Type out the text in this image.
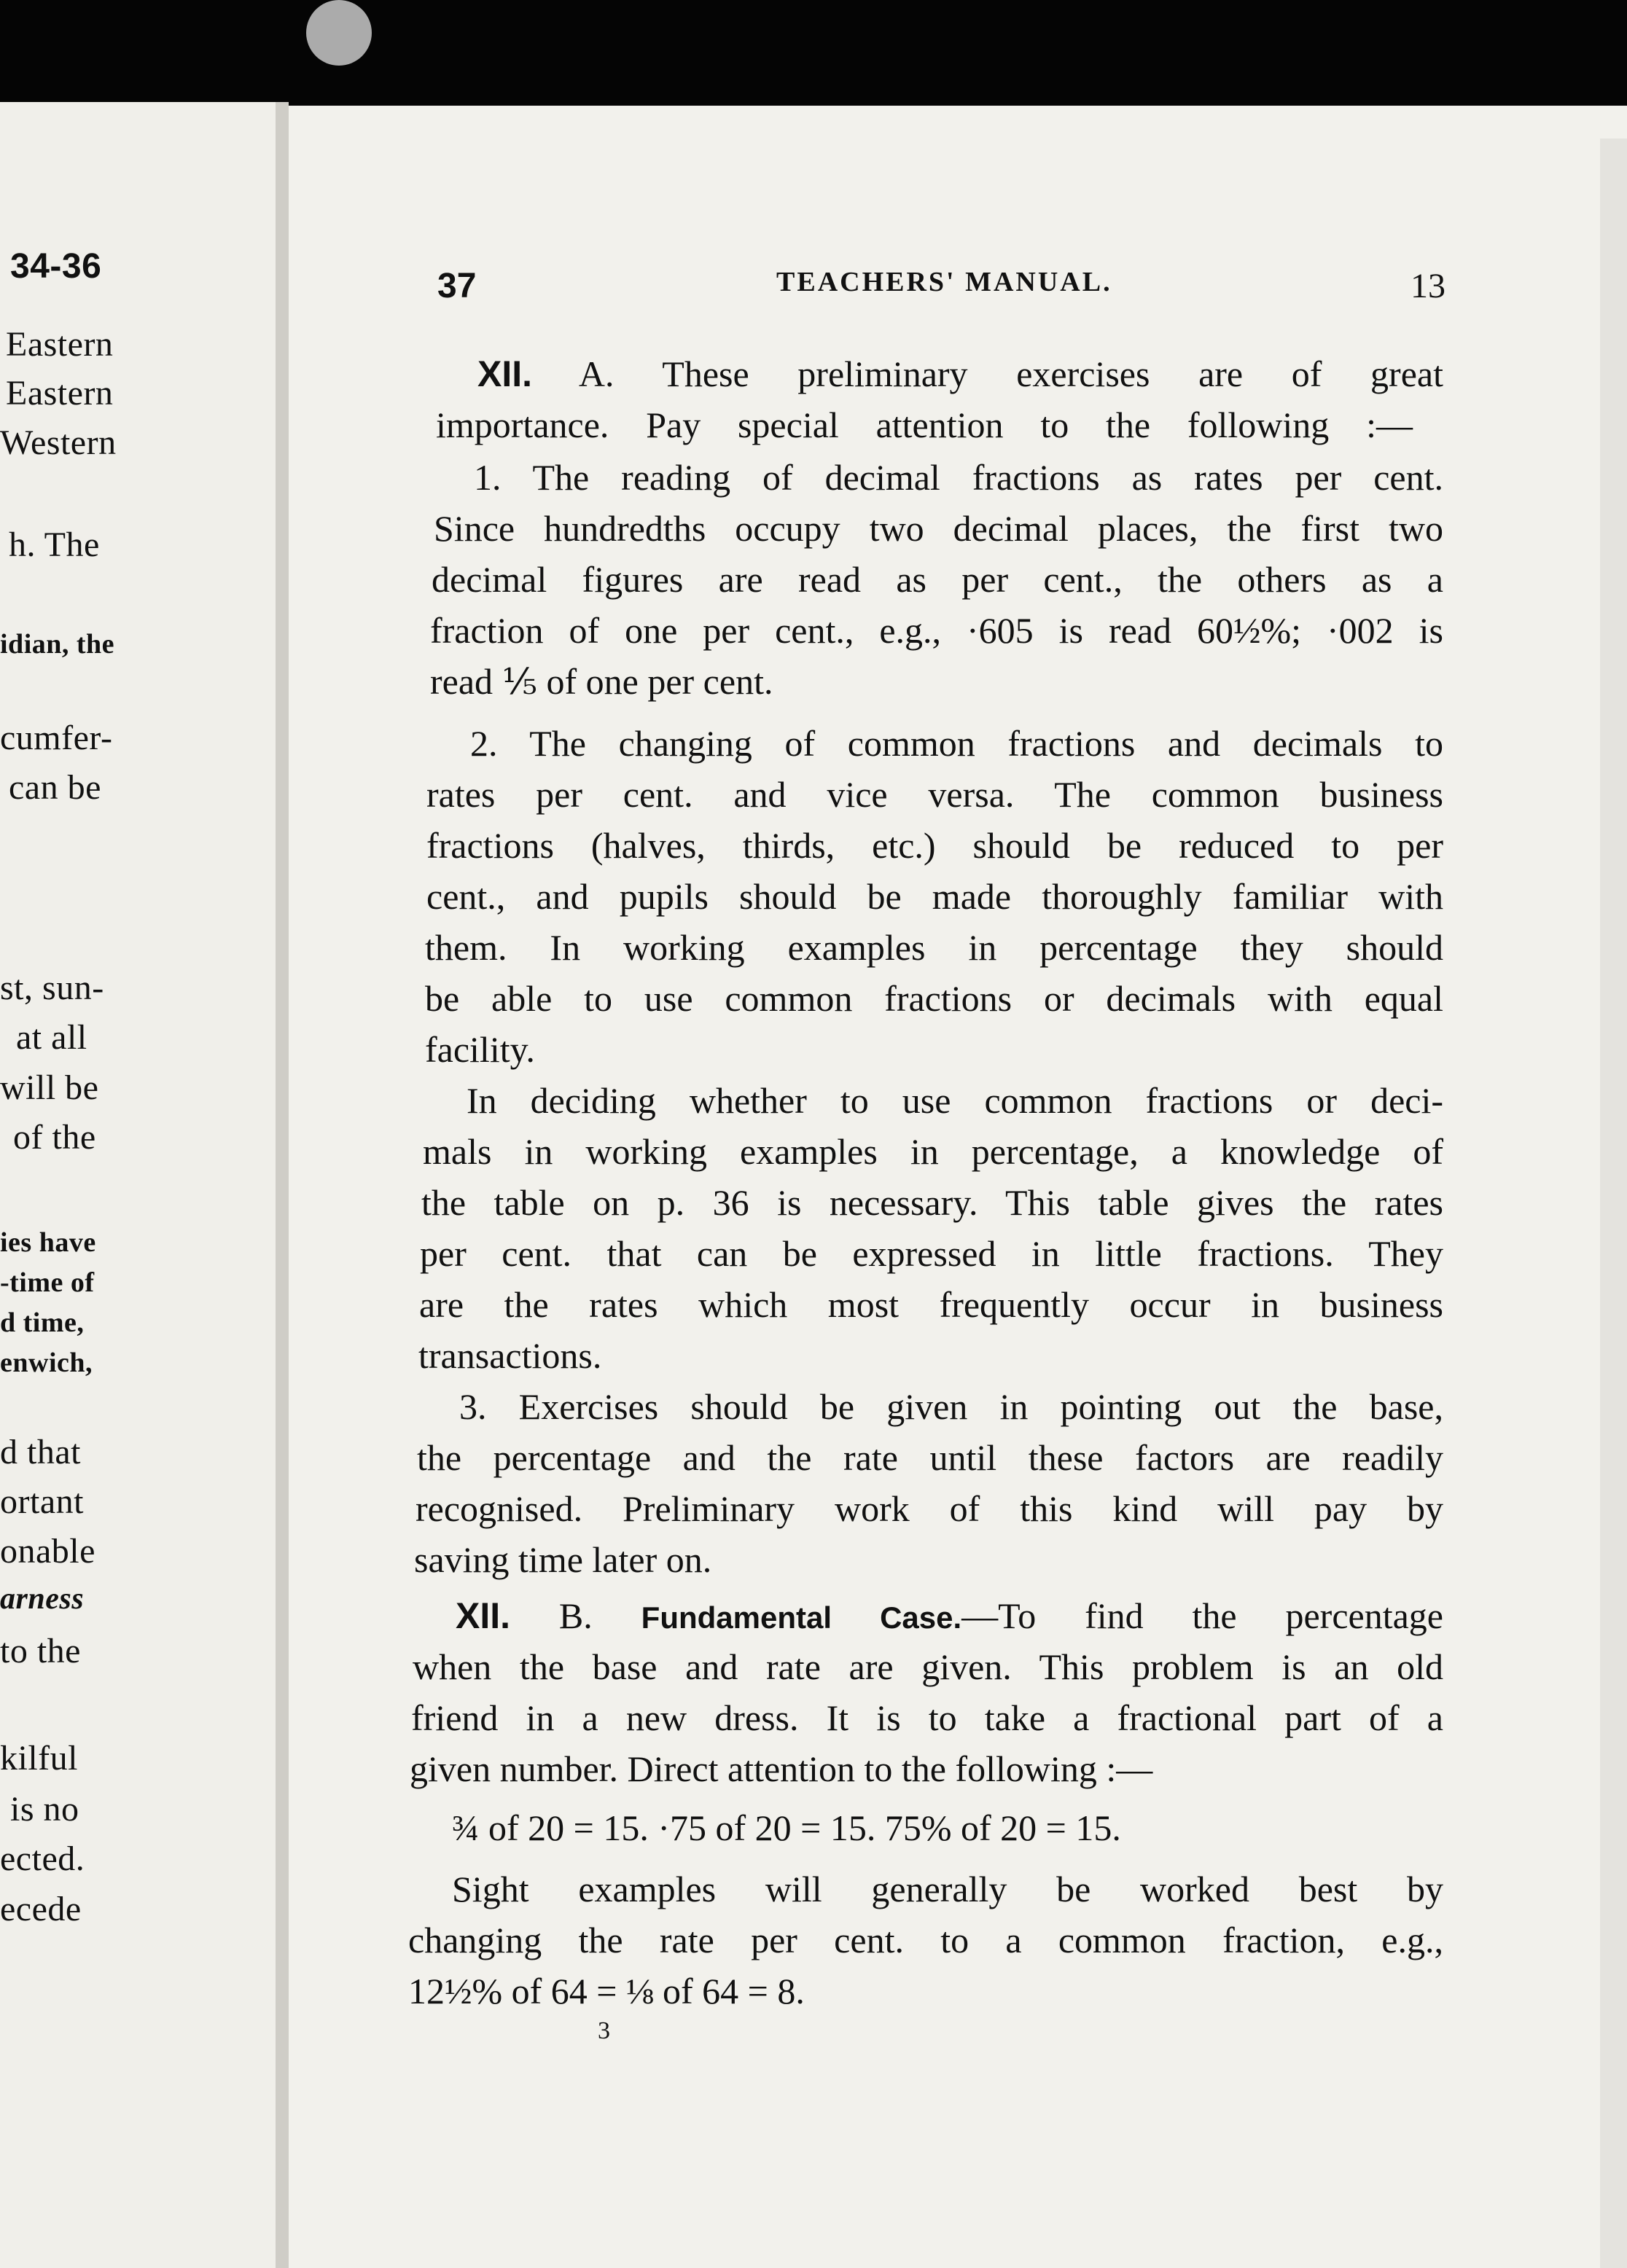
34-36
Eastern
Eastern
Western
h. The
idian, the
cumfer-
can be
st, sun-
at all
will be
of the
ies have
-time of
d time,
enwich,
d that
ortant
onable
arness
to the
kilful
is no
ected.
ecede
37	TEACHERS' MANUAL.	13
XII. A. These preliminary exercises are of great
importance. Pay special attention to the following :—
1. The reading of decimal fractions as rates per cent.
Since hundredths occupy two decimal places, the first two
decimal figures are read as per cent., the others as a
fraction of one per cent., e.g., ·605 is read 60½%; ·002 is
read ⅕ of one per cent.
2. The changing of common fractions and decimals to
rates per cent. and vice versa. The common business
fractions (halves, thirds, etc.) should be reduced to per
cent., and pupils should be made thoroughly familiar with
them. In working examples in percentage they should
be able to use common fractions or decimals with equal
facility.
In deciding whether to use common fractions or deci-
mals in working examples in percentage, a knowledge of
the table on p. 36 is necessary. This table gives the rates
per cent. that can be expressed in little fractions. They
are the rates which most frequently occur in business
transactions.
3. Exercises should be given in pointing out the base,
the percentage and the rate until these factors are readily
recognised. Preliminary work of this kind will pay by
saving time later on.
XII. B. Fundamental Case.—To find the percentage
when the base and rate are given. This problem is an old
friend in a new dress. It is to take a fractional part of a
given number. Direct attention to the following :—
¾ of 20 = 15. ·75 of 20 = 15. 75% of 20 = 15.
Sight examples will generally be worked best by
changing the rate per cent. to a common fraction, e.g.,
12½% of 64 = ⅛ of 64 = 8.
3
